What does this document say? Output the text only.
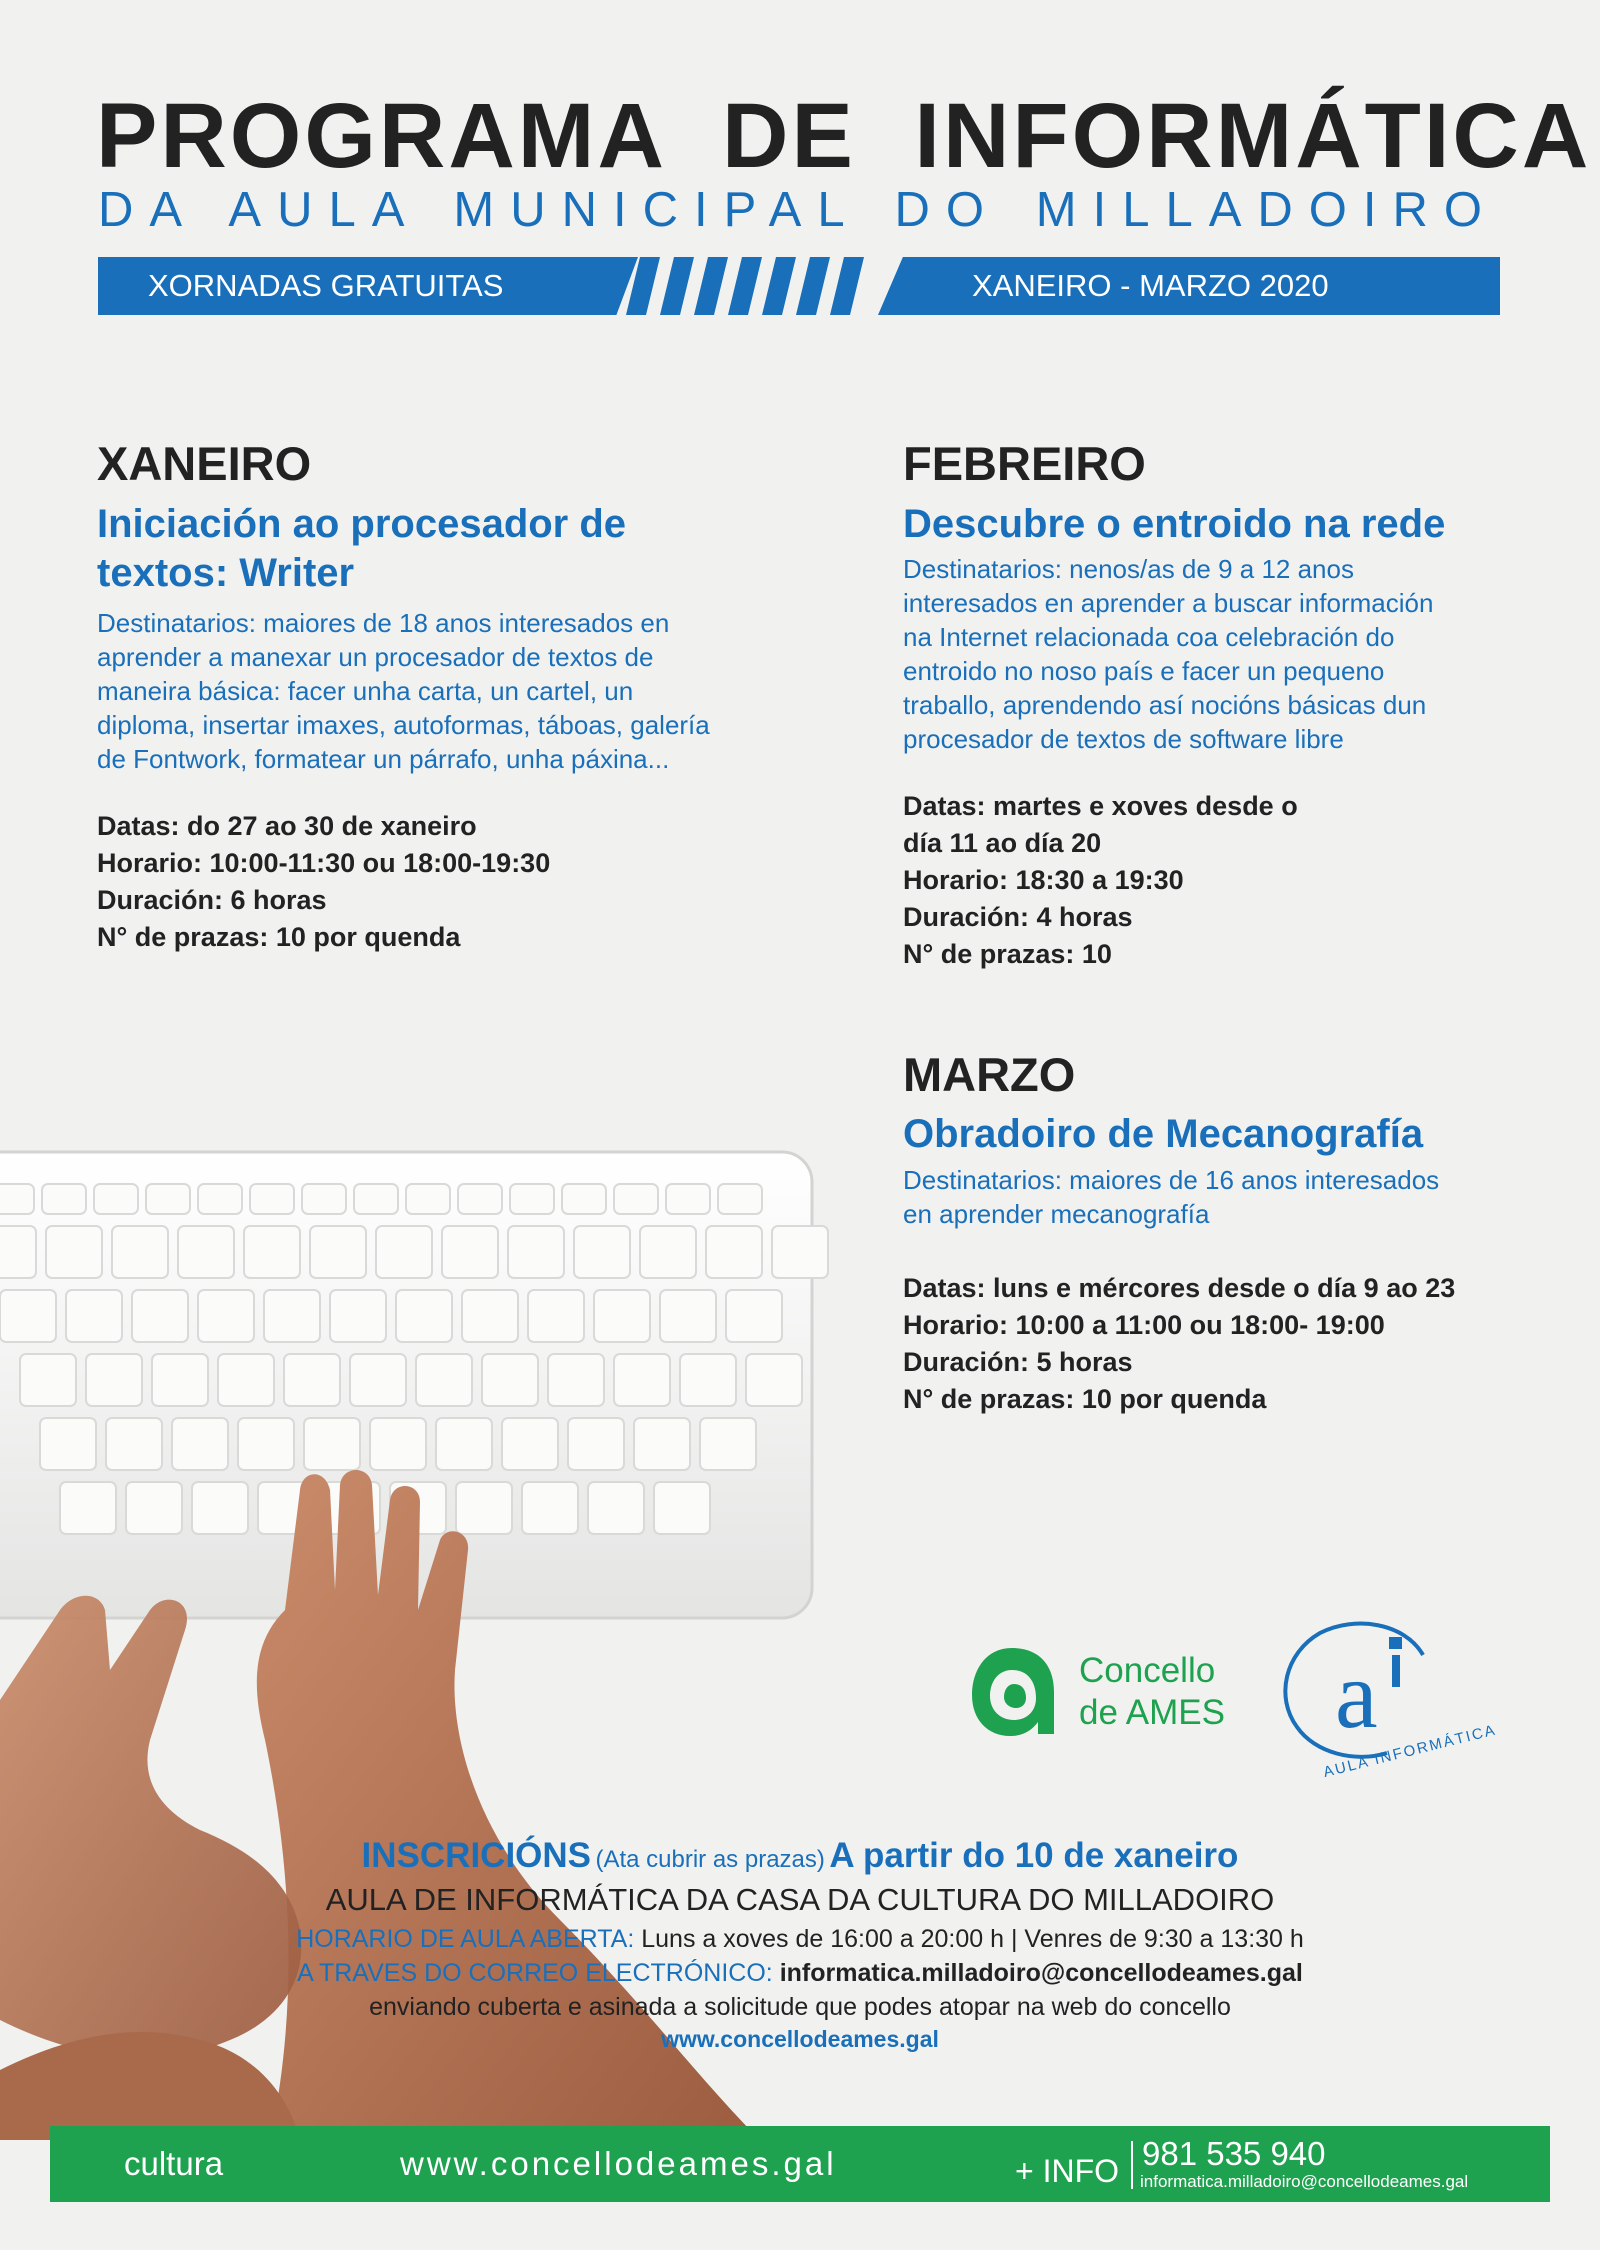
PROGRAMA DE INFORMÁTICA
DA AULA MUNICIPAL DO MILLADOIRO
XORNADAS GRATUITAS	XANEIRO - MARZO 2020
XANEIRO
Iniciación ao procesador de
textos: Writer
Destinatarios: maiores de 18 anos interesados en
aprender a manexar un procesador de textos de
maneira básica: facer unha carta, un cartel, un
diploma, insertar imaxes, autoformas, táboas, galería
de Fontwork, formatear un párrafo, unha páxina...
Datas: do 27 ao 30 de xaneiro
Horario: 10:00-11:30 ou 18:00-19:30
Duración: 6 horas
N° de prazas: 10 por quenda
FEBREIRO
Descubre o entroido na rede
Destinatarios: nenos/as de 9 a 12 anos
interesados en aprender a buscar información
na Internet relacionada coa celebración do
entroido no noso país e facer un pequeno
traballo, aprendendo así nocións básicas dun
procesador de textos de software libre
Datas: martes e xoves desde o
día 11 ao día 20
Horario: 18:30 a 19:30
Duración: 4 horas
N° de prazas: 10
MARZO
Obradoiro de Mecanografía
Destinatarios: maiores de 16 anos interesados
en aprender mecanografía
Datas: luns e mércores desde o día 9 ao 23
Horario: 10:00 a 11:00 ou 18:00- 19:00
Duración: 5 horas
N° de prazas: 10 por quenda
Concello
de AMES a
AULA INFORMÁTICA
INSCRICIÓNS (Ata cubrir as prazas) A partir do 10 de xaneiro
AULA DE INFORMÁTICA DA CASA DA CULTURA DO MILLADOIRO
HORARIO DE AULA ABERTA: Luns a xoves de 16:00 a 20:00 h | Venres de 9:30 a 13:30 h
A TRAVES DO CORREO ELECTRÓNICO: informatica.milladoiro@concellodeames.gal
enviando cuberta e asinada a solicitude que podes atopar na web do concello
www.concellodeames.gal
cultura	www.concellodeames.gal	+ INFO 981 535 940
informatica.milladoiro@concellodeames.gal
